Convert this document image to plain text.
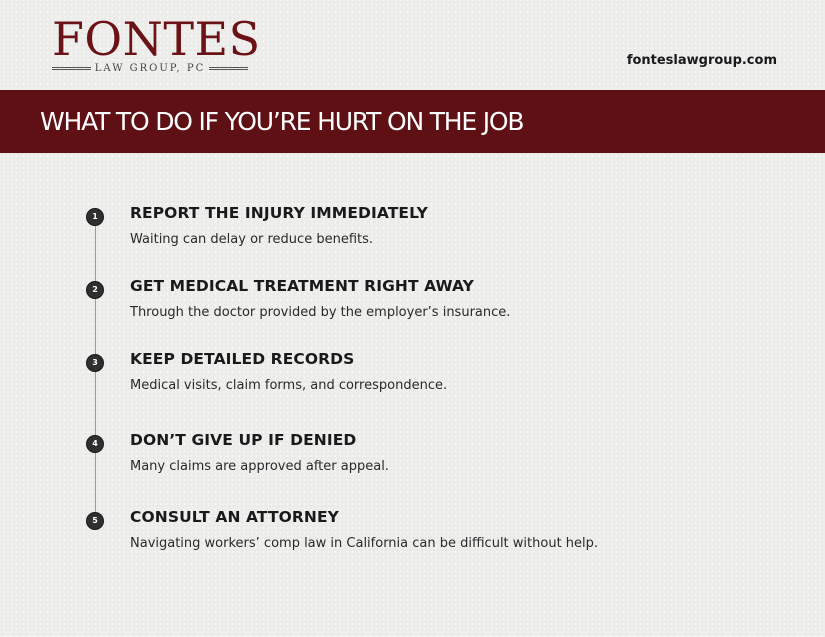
FONTES
LAW GROUP, PC
fonteslawgroup.com
WHAT TO DO IF YOU’RE HURT ON THE JOB
1	REPORT THE INJURY IMMEDIATELY
Waiting can delay or reduce benefits.
2	GET MEDICAL TREATMENT RIGHT AWAY
Through the doctor provided by the employer’s insurance.
3	KEEP DETAILED RECORDS
Medical visits, claim forms, and correspondence.
4	DON’T GIVE UP IF DENIED
Many claims are approved after appeal.
5	CONSULT AN ATTORNEY
Navigating workers’ comp law in California can be difficult without help.
